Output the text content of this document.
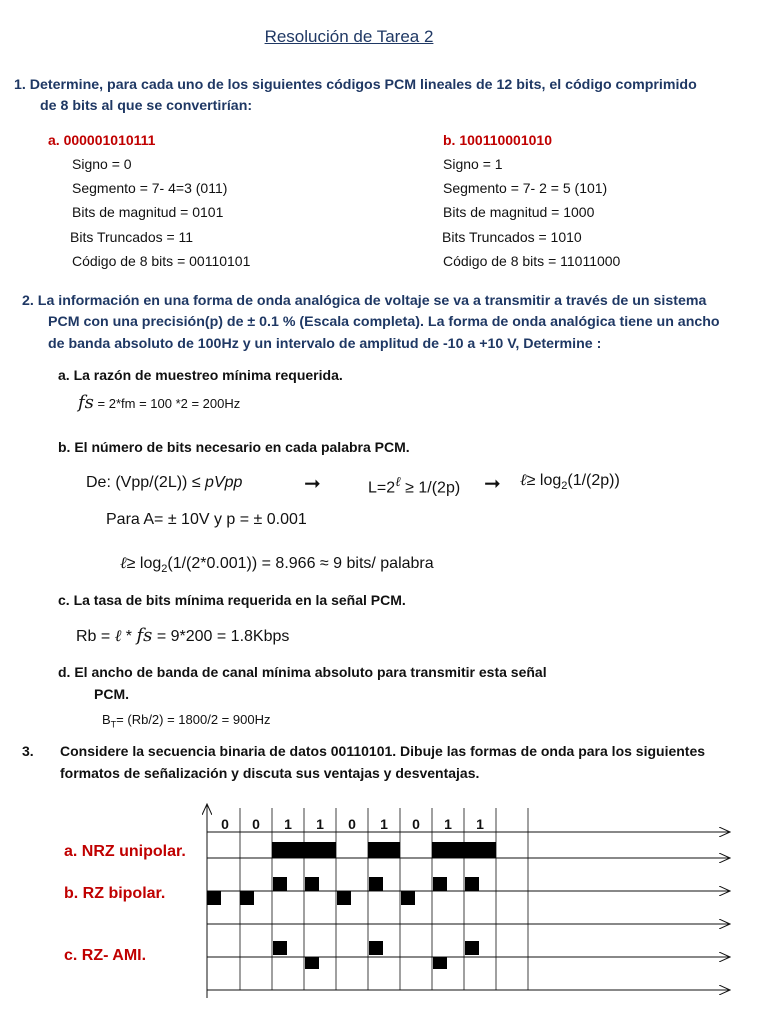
Resolución de Tarea 2
1. Determine, para cada uno de los siguientes códigos PCM lineales de 12 bits, el código comprimido
de 8 bits al que se convertirían:
a. 000001010111
Signo = 0
Segmento = 7- 4=3 (011)
Bits de magnitud = 0101
Bits Truncados = 11
Código de 8 bits = 00110101
b. 100110001010
Signo = 1
Segmento = 7- 2 = 5 (101)
Bits de magnitud = 1000
Bits Truncados = 1010
Código de 8 bits = 11011000
2. La información en una forma de onda analógica de voltaje se va a transmitir a través de un sistema
PCM con una precisión(p) de ± 0.1 % (Escala completa). La forma de onda analógica tiene un ancho
de banda absoluto de 100Hz y un intervalo de amplitud de -10 a +10 V, Determine :
a. La razón de muestreo mínima requerida.
fs = 2*fm = 100 *2 = 200Hz
b. El número de bits necesario en cada palabra PCM.
De: (Vpp/(2L)) ≤ pVpp	➞	$L=2^\ell \ge 1/(2p)$ ➞ ℓ≥ $\log_2(1/(2p))$
Para A= ± 10V y p = ± 0.001
ℓ≥ $\log_2(1/(2*0.001)) = 8.966 \approx 9$ bits/ palabra
c. La tasa de bits mínima requerida en la señal PCM.
Rb = ℓ * fs = 9*200 = 1.8Kbps
d. El ancho de banda de canal mínima absoluto para transmitir esta señal
PCM.
$B_T= (Rb/2) = 1800/2 = 900Hz$
3. Considere la secuencia binaria de datos 00110101. Dibuje las formas de onda para los siguientes
formatos de señalización y discuta sus ventajas y desventajas.
0	0	1	1	0	1	0	1	1
a. NRZ unipolar.
b. RZ bipolar.
c. RZ- AMI.
